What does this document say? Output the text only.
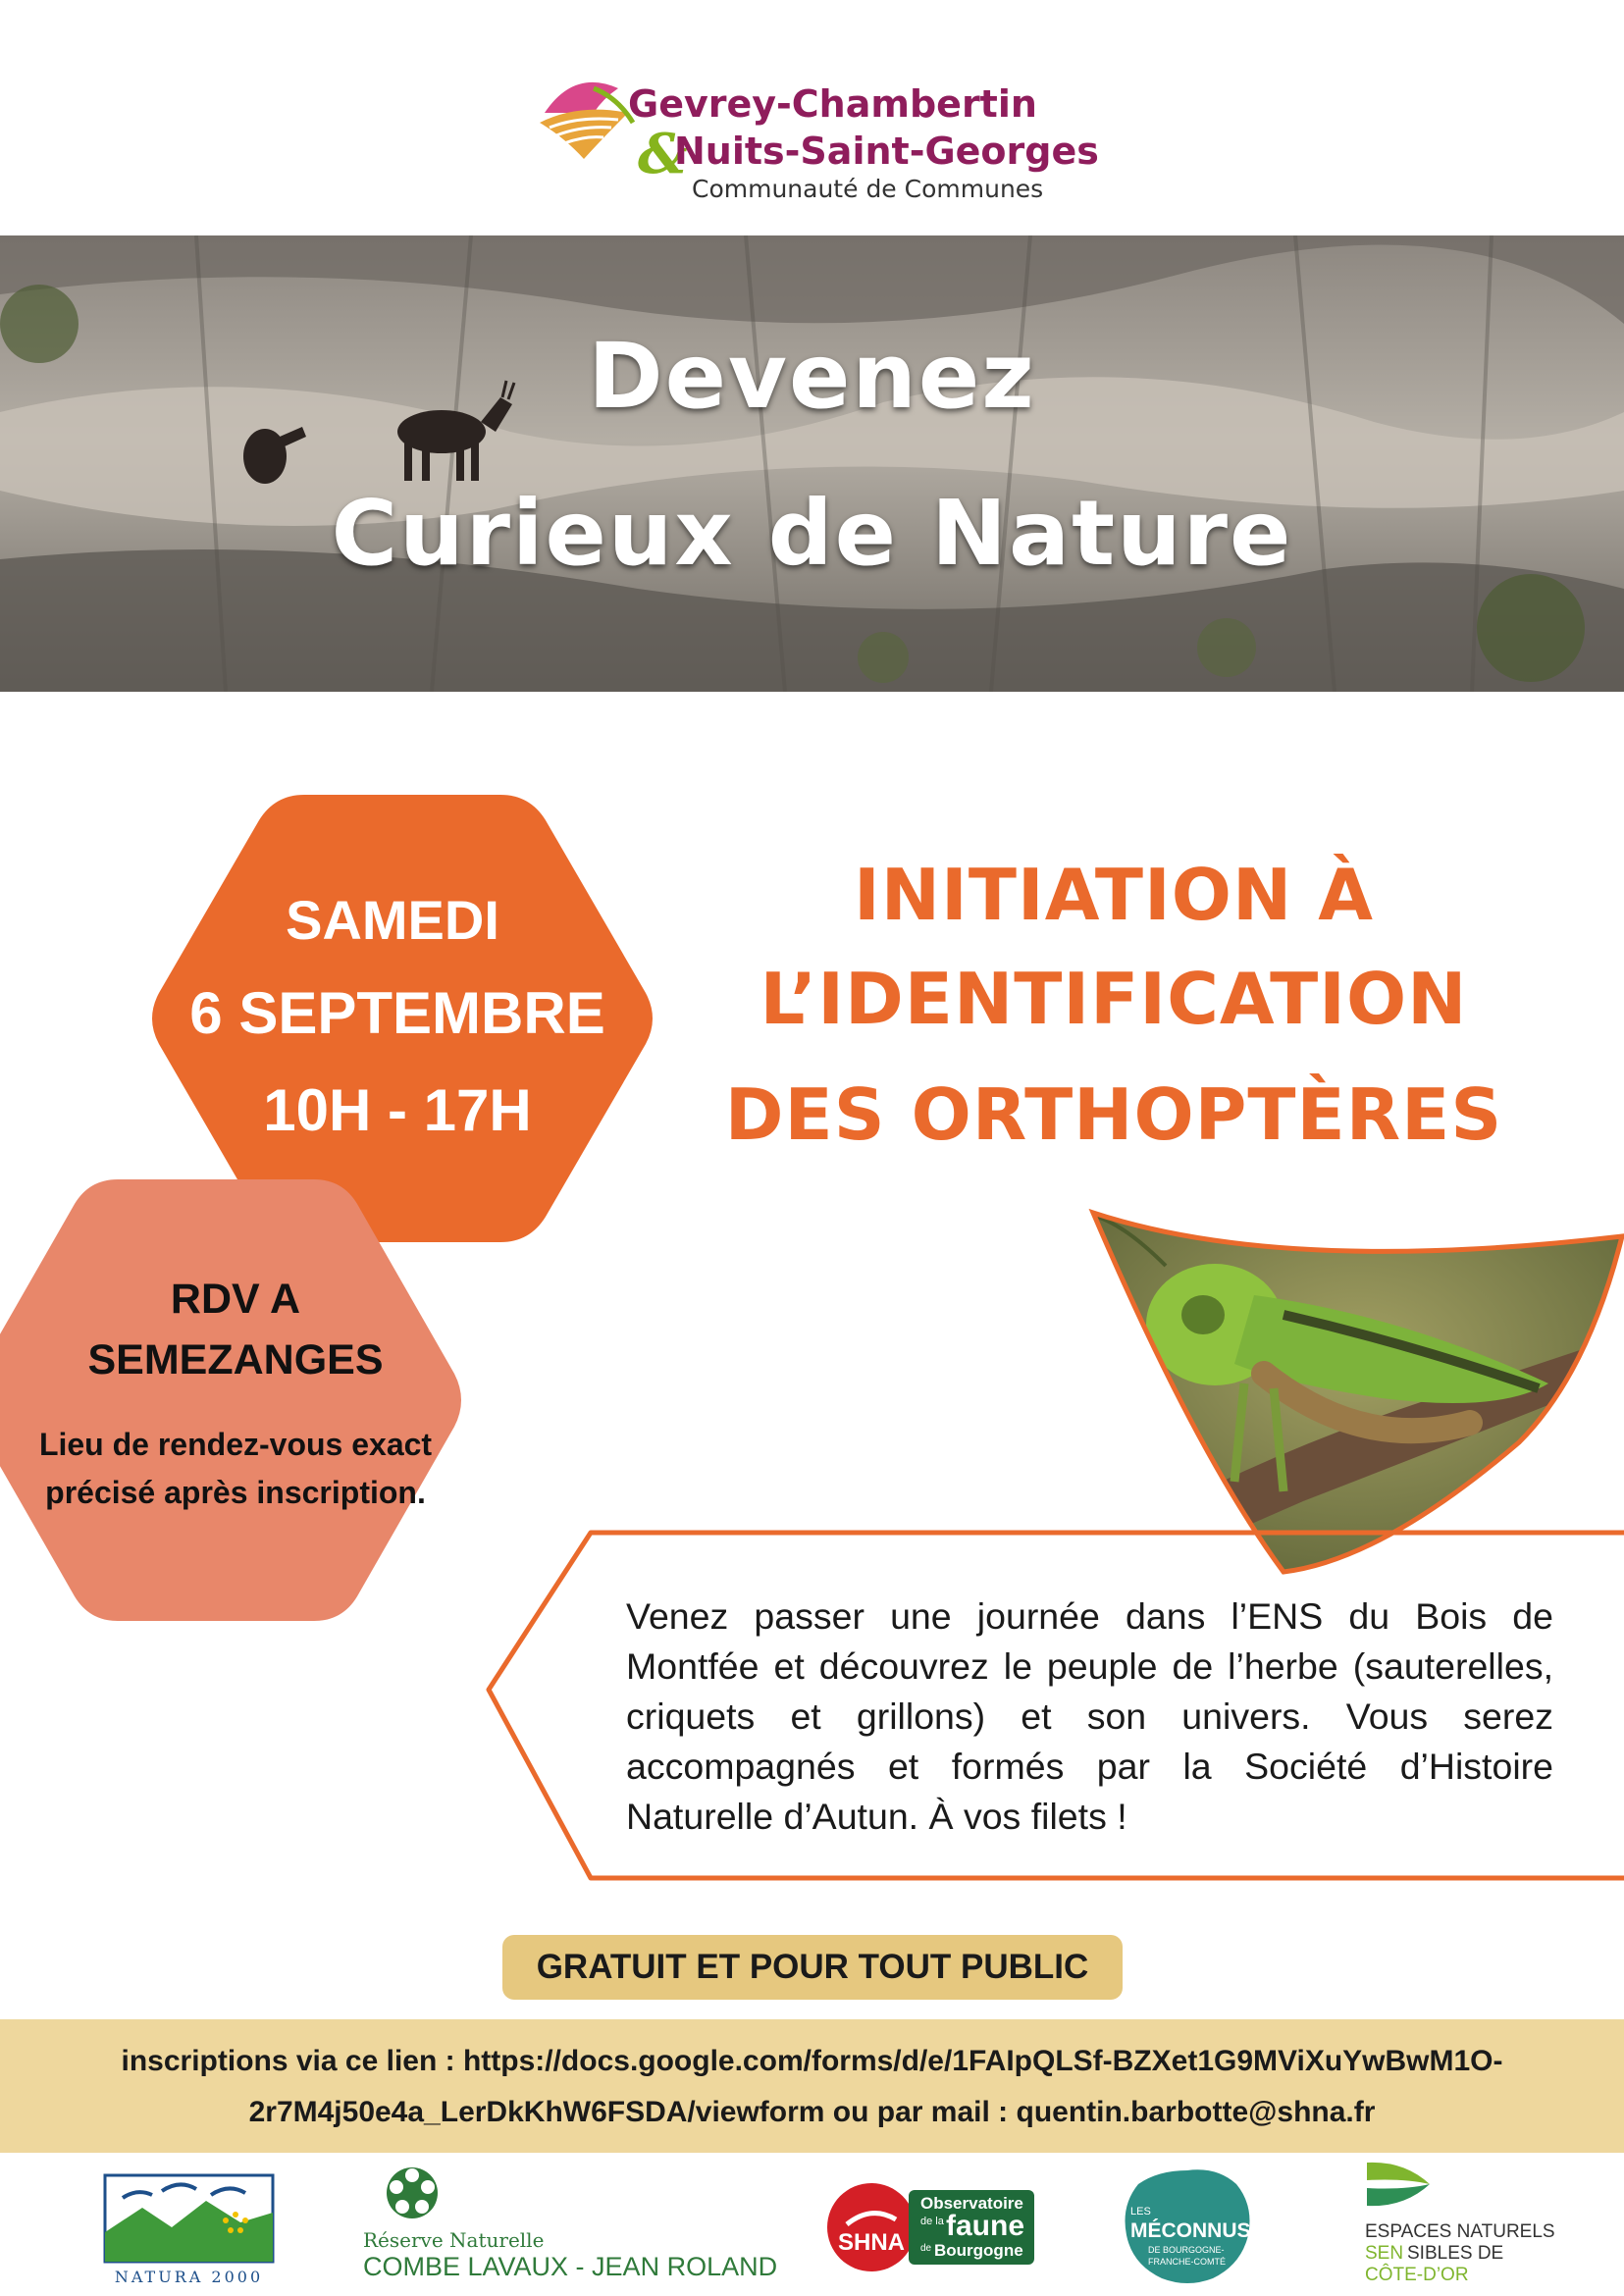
Gevrey-Chambertin
&
Nuits-Saint-Georges
Communauté de Communes
Devenez
Curieux de Nature
SAMEDI
6 SEPTEMBRE
10H - 17H
RDV A
SEMEZANGES
Lieu de rendez-vous exact précisé après inscription.
INITIATION À
L’IDENTIFICATION
DES ORTHOPTÈRES
Venez passer une journée dans l’ENS du Bois de Montfée et découvrez le peuple de l’herbe (sauterelles, criquets et grillons) et son univers. Vous serez accompagnés et formés par la Société d’Histoire Naturelle d’Autun. À vos filets !
GRATUIT ET POUR TOUT PUBLIC
inscriptions via ce lien : https://docs.google.com/forms/d/e/1FAIpQLSf-BZXet1G9MViXuYwBwM1O-
2r7M4j50e4a_LerDkKhW6FSDA/viewform ou par mail : quentin.barbotte@shna.fr
NATURA 2000
Réserve Naturelle
COMBE LAVAUX - JEAN ROLAND
SHNA
Observatoire
de la faune
de Bourgogne
LES
MÉCONNUS
DE BOURGOGNE-
FRANCHE-COMTÉ
ESPACES NATURELS
SEN SIBLES DE
CÔTE-D’OR
